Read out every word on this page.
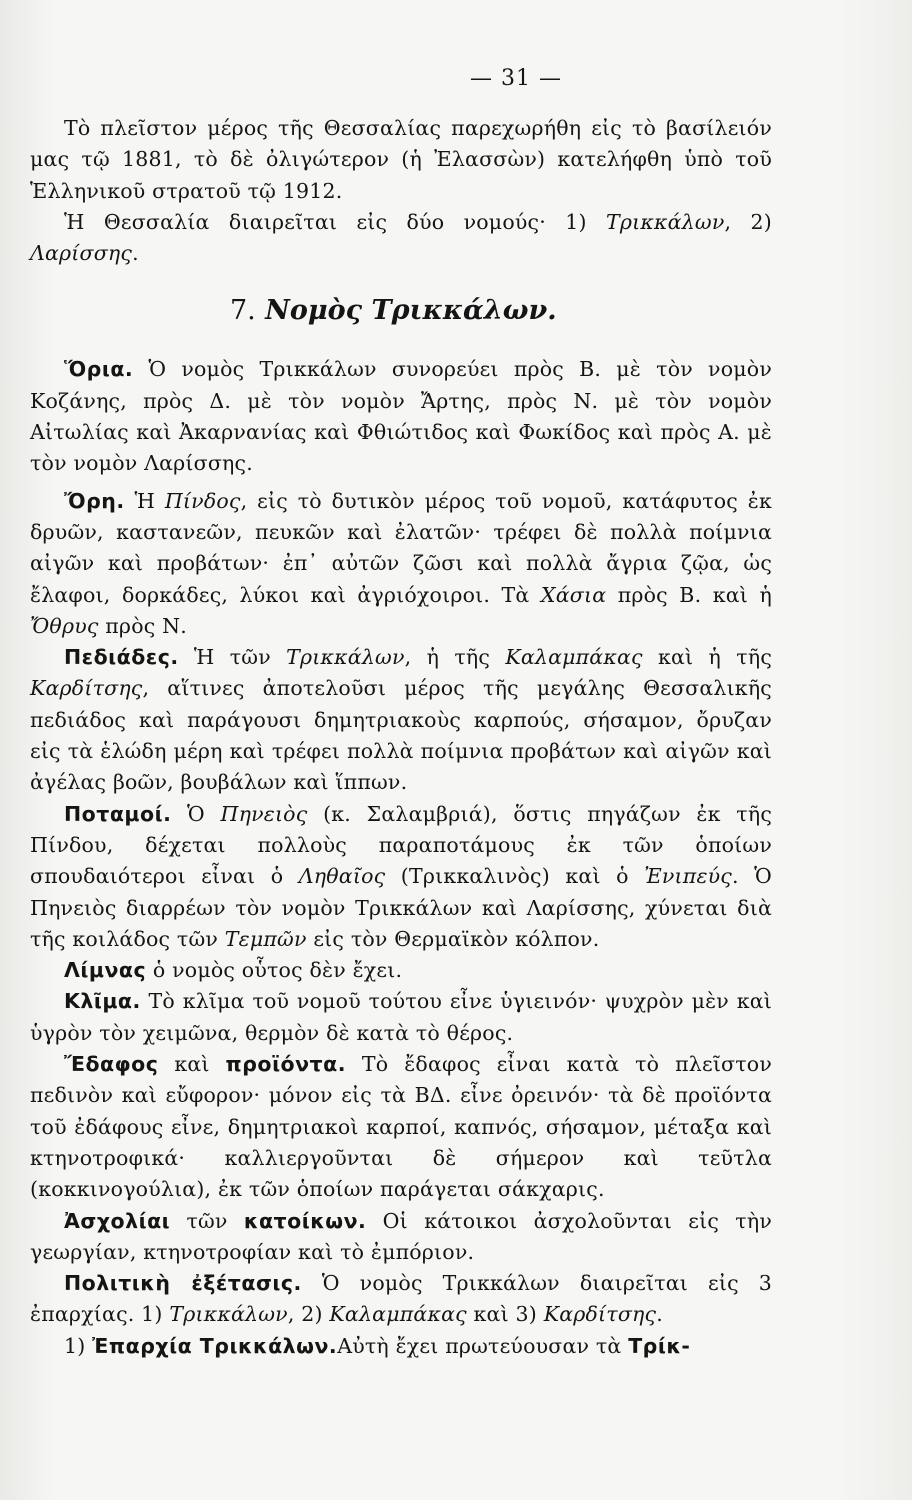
— 31 —

Τὸ πλεῖστον μέρος τῆς Θεσσαλίας παρεχωρήθη εἰς τὸ βασίλειόν μας τῷ 1881, τὸ δὲ ὀλιγώτερον (ἡ Ἐλασσὼν) κατελήφθη ὑπὸ τοῦ Ἑλληνικοῦ στρατοῦ τῷ 1912.

Ἡ Θεσσαλία διαιρεῖται εἰς δύο νομούς· 1) Τρικκάλων, 2) Λαρίσσης.

7. Νομὸς Τρικκάλων.

Ὅρια. Ὁ νομὸς Τρικκάλων συνορεύει πρὸς Β. μὲ τὸν νομὸν Κοζάνης, πρὸς Δ. μὲ τὸν νομὸν Ἄρτης, πρὸς Ν. μὲ τὸν νομὸν Αἰτωλίας καὶ Ἀκαρνανίας καὶ Φθιώτιδος καὶ Φωκίδος καὶ πρὸς Α. μὲ τὸν νομὸν Λαρίσσης.

Ὄρη. Ἡ Πίνδος, εἰς τὸ δυτικὸν μέρος τοῦ νομοῦ, κατάφυτος ἐκ δρυῶν, καστανεῶν, πευκῶν καὶ ἐλατῶν· τρέφει δὲ πολλὰ ποίμνια αἰγῶν καὶ προβάτων· ἐπ᾿ αὐτῶν ζῶσι καὶ πολλὰ ἄγρια ζῷα, ὡς ἔλαφοι, δορκάδες, λύκοι καὶ ἀγριόχοιροι. Τὰ Χάσια πρὸς Β. καὶ ἡ Ὄθρυς πρὸς Ν.

Πεδιάδες. Ἡ τῶν Τρικκάλων, ἡ τῆς Καλαμπάκας καὶ ἡ τῆς Καρδίτσης, αἵτινες ἀποτελοῦσι μέρος τῆς μεγάλης Θεσσαλικῆς πεδιάδος καὶ παράγουσι δημητριακοὺς καρπούς, σήσαμον, ὄρυζαν εἰς τὰ ἑλώδη μέρη καὶ τρέφει πολλὰ ποίμνια προβάτων καὶ αἰγῶν καὶ ἀγέλας βοῶν, βουβάλων καὶ ἵππων.

Ποταμοί. Ὁ Πηνειὸς (κ. Σαλαμβριά), ὅστις πηγάζων ἐκ τῆς Πίνδου, δέχεται πολλοὺς παραποτάμους ἐκ τῶν ὁποίων σπουδαιότεροι εἶναι ὁ Ληθαῖος (Τρικκαλινὸς) καὶ ὁ Ἐνιπεύς. Ὁ Πηνειὸς διαρρέων τὸν νομὸν Τρικκάλων καὶ Λαρίσσης, χύνεται διὰ τῆς κοιλάδος τῶν Τεμπῶν εἰς τὸν Θερμαϊκὸν κόλπον.

Λίμνας ὁ νομὸς οὗτος δὲν ἔχει.

Κλῖμα. Τὸ κλῖμα τοῦ νομοῦ τούτου εἶνε ὑγιεινόν· ψυχρὸν μὲν καὶ ὑγρὸν τὸν χειμῶνα, θερμὸν δὲ κατὰ τὸ θέρος.

Ἔδαφος καὶ προϊόντα. Τὸ ἔδαφος εἶναι κατὰ τὸ πλεῖστον πεδινὸν καὶ εὔφορον· μόνον εἰς τὰ ΒΔ. εἶνε ὀρεινόν· τὰ δὲ προϊόντα τοῦ ἐδάφους εἶνε, δημητριακοὶ καρποί, καπνός, σήσαμον, μέταξα καὶ κτηνοτροφικά· καλλιεργοῦνται δὲ σήμερον καὶ τεῦτλα (κοκκινογούλια), ἐκ τῶν ὁποίων παράγεται σάκχαρις.

Ἀσχολίαι τῶν κατοίκων. Οἱ κάτοικοι ἀσχολοῦνται εἰς τὴν γεωργίαν, κτηνοτροφίαν καὶ τὸ ἐμπόριον.

Πολιτικὴ ἐξέτασις. Ὁ νομὸς Τρικκάλων διαιρεῖται εἰς 3 ἐπαρχίας. 1) Τρικκάλων, 2) Καλαμπάκας καὶ 3) Καρδίτσης.

1) Ἐπαρχία Τρικκάλων.Αὐτὴ ἔχει πρωτεύουσαν τὰ Τρίκ-
